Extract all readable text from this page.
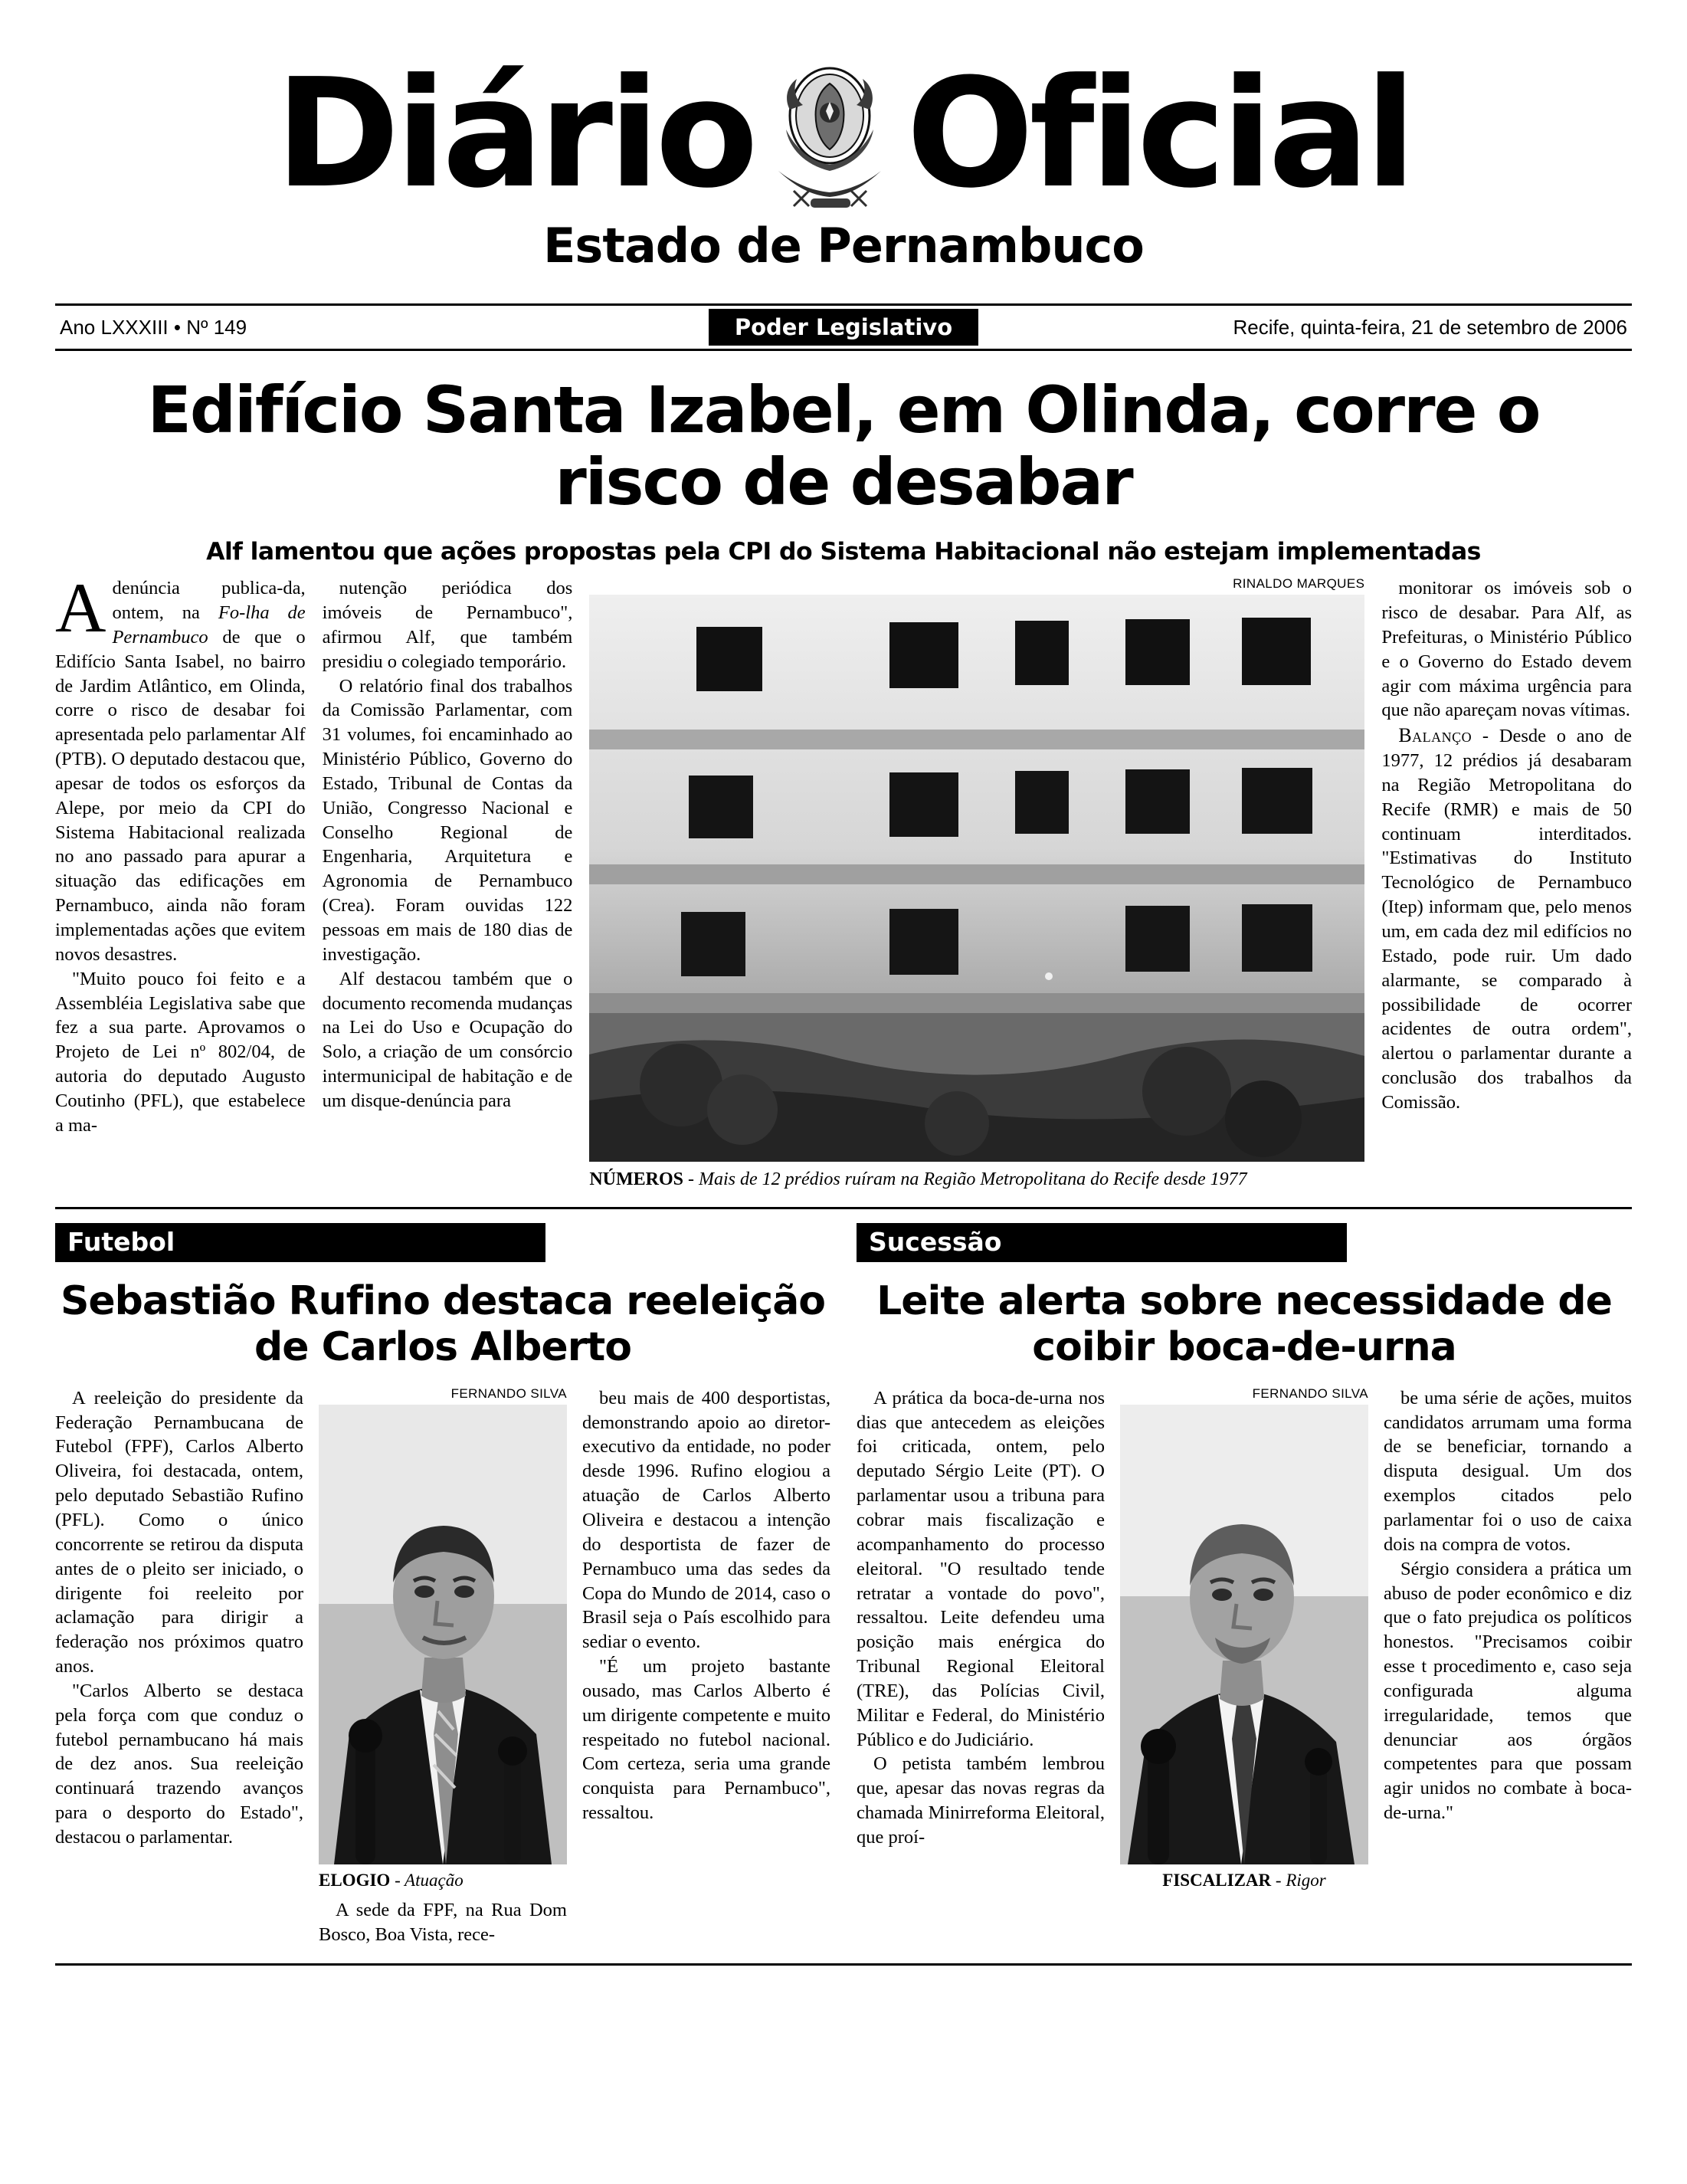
Diário Oficial
Estado de Pernambuco
Ano LXXXIII • Nº 149	Poder Legislativo	Recife, quinta-feira, 21 de setembro de 2006
Edifício Santa Izabel, em Olinda, corre o risco de desabar
Alf lamentou que ações propostas pela CPI do Sistema Habitacional não estejam implementadas

Adenúncia publica-da, ontem, na Fo-lha de Pernambuco de que o Edifício Santa Isabel, no bairro de Jardim Atlântico, em Olinda, corre o risco de desabar foi apresentada pelo parlamentar Alf (PTB). O deputado destacou que, apesar de todos os esforços da Alepe, por meio da CPI do Sistema Habitacional realizada no ano passado para apurar a situação das edificações em Pernambuco, ainda não foram implementadas ações que evitem novos desastres.

"Muito pouco foi feito e a Assembléia Legislativa sabe que fez a sua parte. Aprovamos o Projeto de Lei nº 802/04, de autoria do deputado Augusto Coutinho (PFL), que estabelece a ma-

nutenção periódica dos imóveis de Pernambuco", afirmou Alf, que também presidiu o colegiado temporário.

O relatório final dos trabalhos da Comissão Parlamentar, com 31 volumes, foi encaminhado ao Ministério Público, Governo do Estado, Tribunal de Contas da União, Congresso Nacional e Conselho Regional de Engenharia, Arquitetura e Agronomia de Pernambuco (Crea). Foram ouvidas 122 pessoas em mais de 180 dias de investigação.

Alf destacou também que o documento recomenda mudanças na Lei do Uso e Ocupação do Solo, a criação de um consórcio intermunicipal de habitação e de um disque-denúncia para

RINALDO MARQUES
NÚMEROS - Mais de 12 prédios ruíram na Região Metropolitana do Recife desde 1977

monitorar os imóveis sob o risco de desabar. Para Alf, as Prefeituras, o Ministério Público e o Governo do Estado devem agir com máxima urgência para que não apareçam novas vítimas.

Balanço - Desde o ano de 1977, 12 prédios já desabaram na Região Metropolitana do Recife (RMR) e mais de 50 continuam interditados. "Estimativas do Instituto Tecnológico de Pernambuco (Itep) informam que, pelo menos um, em cada dez mil edifícios no Estado, pode ruir. Um dado alarmante, se comparado à possibilidade de ocorrer acidentes de outra ordem", alertou o parlamentar durante a conclusão dos trabalhos da Comissão.

Futebol
Sebastião Rufino destaca reeleição de Carlos Alberto

A reeleição do presidente da Federação Pernambucana de Futebol (FPF), Carlos Alberto Oliveira, foi destacada, ontem, pelo deputado Sebastião Rufino (PFL). Como o único concorrente se retirou da disputa antes de o pleito ser iniciado, o dirigente foi reeleito por aclamação para dirigir a federação nos próximos quatro anos.

"Carlos Alberto se destaca pela força com que conduz o futebol pernambucano há mais de dez anos. Sua reeleição continuará trazendo avanços para o desporto do Estado", destacou o parlamentar.

FERNANDO SILVA
ELOGIO - Atuação

A sede da FPF, na Rua Dom Bosco, Boa Vista, rece-

beu mais de 400 desportistas, demonstrando apoio ao diretor-executivo da entidade, no poder desde 1996. Rufino elogiou a atuação de Carlos Alberto Oliveira e destacou a intenção do desportista de fazer de Pernambuco uma das sedes da Copa do Mundo de 2014, caso o Brasil seja o País escolhido para sediar o evento.

"É um projeto bastante ousado, mas Carlos Alberto é um dirigente competente e muito respeitado no futebol nacional. Com certeza, seria uma grande conquista para Pernambuco", ressaltou.

Sucessão
Leite alerta sobre necessidade de coibir boca-de-urna

A prática da boca-de-urna nos dias que antecedem as eleições foi criticada, ontem, pelo deputado Sérgio Leite (PT). O parlamentar usou a tribuna para cobrar mais fiscalização e acompanhamento do processo eleitoral. "O resultado tende retratar a vontade do povo", ressaltou. Leite defendeu uma posição mais enérgica do Tribunal Regional Eleitoral (TRE), das Polícias Civil, Militar e Federal, do Ministério Público e do Judiciário.

O petista também lembrou que, apesar das novas regras da chamada Minirreforma Eleitoral, que proí-

FERNANDO SILVA
FISCALIZAR - Rigor

be uma série de ações, muitos candidatos arrumam uma forma de se beneficiar, tornando a disputa desigual. Um dos exemplos citados pelo parlamentar foi o uso de caixa dois na compra de votos.

Sérgio considera a prática um abuso de poder econômico e diz que o fato prejudica os políticos honestos. "Precisamos coibir esse t procedimento e, caso seja configurada alguma irregularidade, temos que denunciar aos órgãos competentes para que possam agir unidos no combate à boca-de-urna."
